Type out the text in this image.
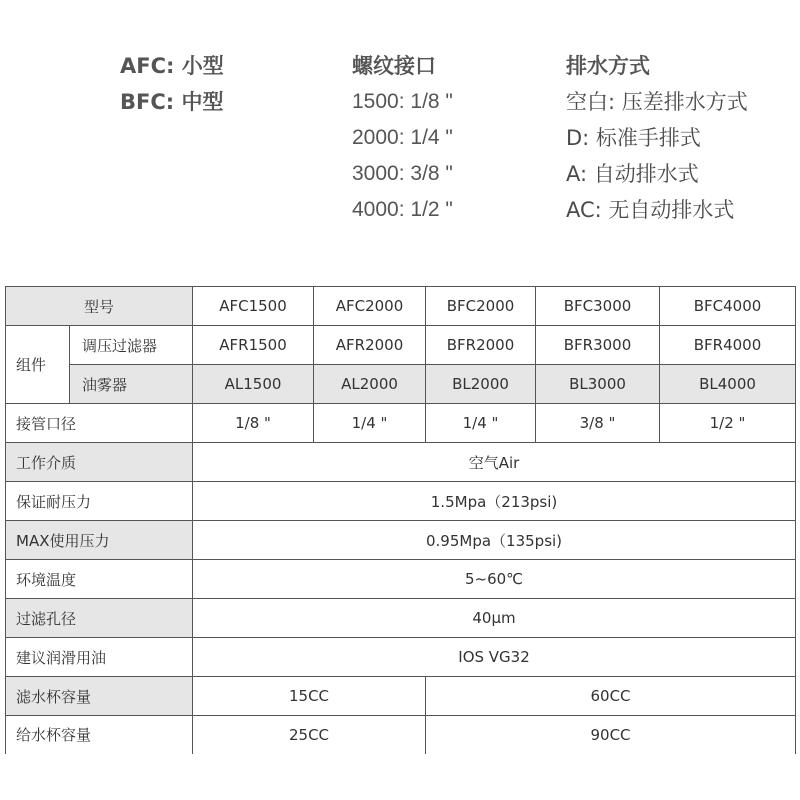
AFC: 小型
BFC: 中型
螺纹接口
1500: 1/8 "
2000: 1/4 "
3000: 3/8 "
4000: 1/2 "
排水方式
空白: 压差排水方式
D: 标准手排式
A: 自动排水式
AC: 无自动排水式
型号		AFC1500	AFC2000	BFC2000	BFC3000	BFC4000
组件	调压过滤器	AFR1500	AFR2000	BFR2000	BFR3000	BFR4000
	油雾器	AL1500	AL2000	BL2000	BL3000	BL4000
接管口径		1/8 "	1/4 "	1/4 "	3/8 "	1/2 "
工作介质		空气Air				
保证耐压力		1.5Mpa（213psi)				
MAX使用压力		0.95Mpa（135psi)				
环境温度		5~60℃				
过滤孔径		40μm				
建议润滑用油		IOS VG32				
滤水杯容量		15CC		60CC		
给水杯容量		25CC		90CC		
